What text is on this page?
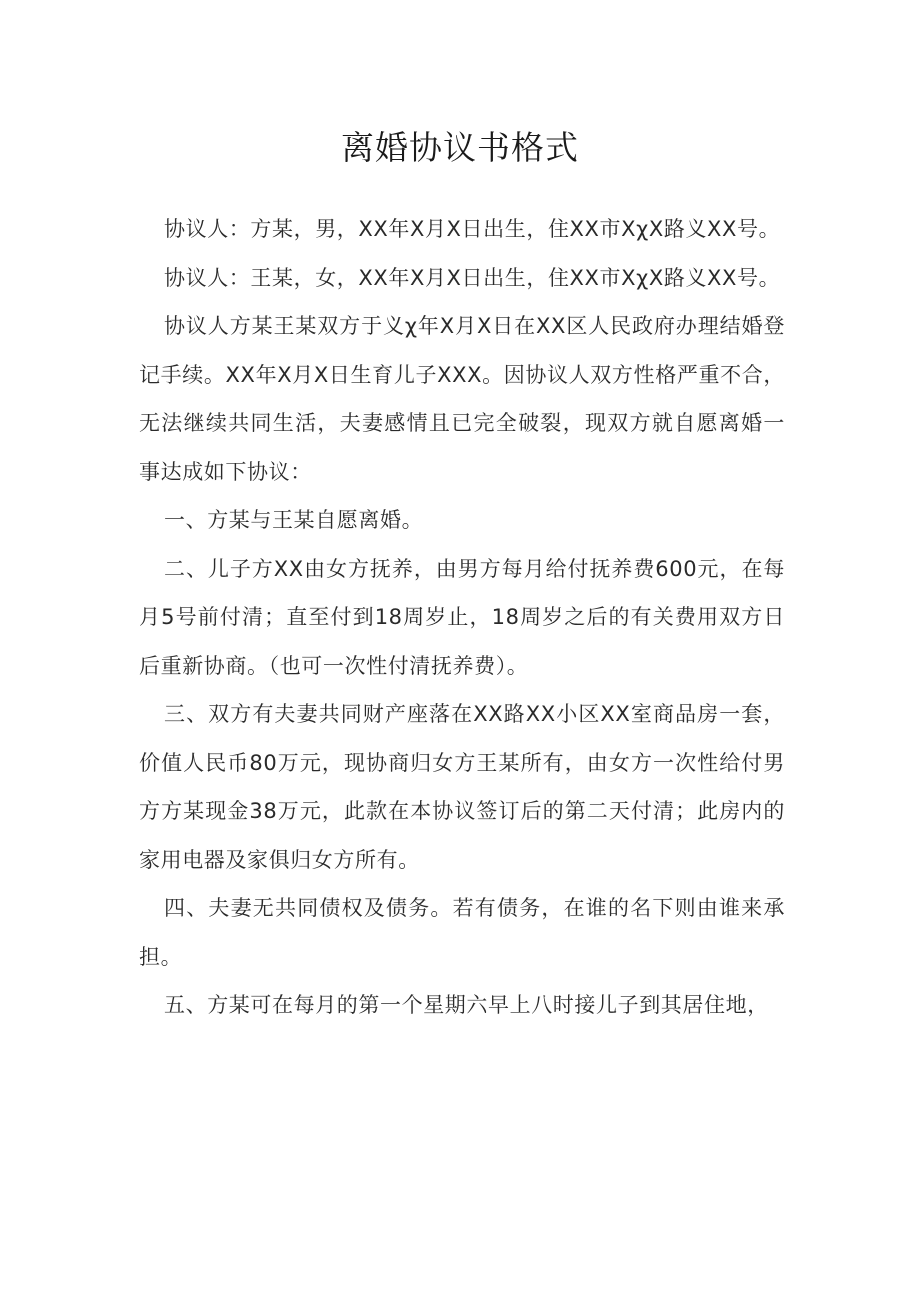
离婚协议书格式

协议人：方某，男，XX年X月X日出生，住XX市XχX路义XX号。

协议人：王某，女，XX年X月X日出生，住XX市XχX路义XX号。

协议人方某王某双方于义χ年X月X日在XX区人民政府办理结婚登记手续。XX年X月X日生育儿子XXX。因协议人双方性格严重不合，无法继续共同生活，夫妻感情且已完全破裂，现双方就自愿离婚一事达成如下协议：

一、方某与王某自愿离婚。

二、儿子方XX由女方抚养，由男方每月给付抚养费600元，在每月5号前付清；直至付到18周岁止，18周岁之后的有关费用双方日后重新协商。（也可一次性付清抚养费）。

三、双方有夫妻共同财产座落在XX路XX小区XX室商品房一套，价值人民币80万元，现协商归女方王某所有，由女方一次性给付男方方某现金38万元，此款在本协议签订后的第二天付清；此房内的家用电器及家俱归女方所有。

四、夫妻无共同债权及债务。若有债务，在谁的名下则由谁来承担。

五、方某可在每月的第一个星期六早上八时接儿子到其居住地，
